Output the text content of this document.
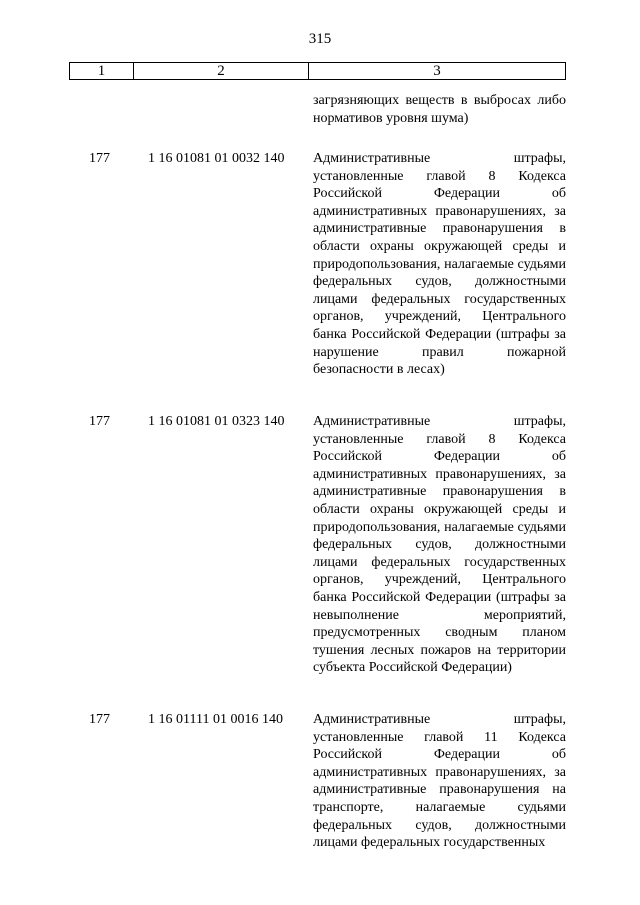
315
1	2	3
загрязняющих веществ в выбросах либо нормативов уровня шума)
177	1 16 01081 01 0032 140 Административные штрафы, установленные главой 8 Кодекса Российской Федерации об административных правонарушениях, за административные правонарушения в области охраны окружающей среды и природопользования, налагаемые судьями федеральных судов, должностными лицами федеральных государственных органов, учреждений, Центрального банка Российской Федерации (штрафы за нарушение правил пожарной безопасности в лесах)
177	1 16 01081 01 0323 140 Административные штрафы, установленные главой 8 Кодекса Российской Федерации об административных правонарушениях, за административные правонарушения в области охраны окружающей среды и природопользования, налагаемые судьями федеральных судов, должностными лицами федеральных государственных органов, учреждений, Центрального банка Российской Федерации (штрафы за невыполнение мероприятий, предусмотренных сводным планом тушения лесных пожаров на территории субъекта Российской Федерации)
177	1 16 01111 01 0016 140 Административные штрафы, установленные главой 11 Кодекса Российской Федерации об административных правонарушениях, за административные правонарушения на транспорте, налагаемые судьями федеральных судов, должностными лицами федеральных государственных
